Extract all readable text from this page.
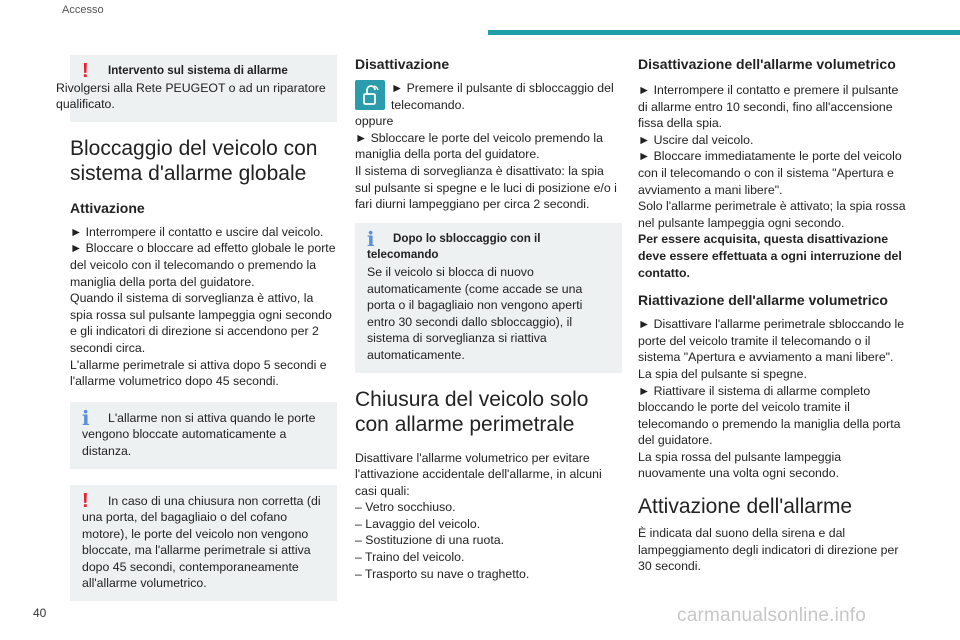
Accesso
!	Intervento sul sistema di allarme

Rivolgersi alla Rete PEUGEOT o ad un riparatore qualificato.

Bloccaggio del veicolo con sistema d'allarme globale
Attivazione

► Interrompere il contatto e uscire dal veicolo.

► Bloccare o bloccare ad effetto globale le porte del veicolo con il telecomando o premendo la maniglia della porta del guidatore.

Quando il sistema di sorveglianza è attivo, la spia rossa sul pulsante lampeggia ogni secondo e gli indicatori di direzione si accendono per 2 secondi circa.

L'allarme perimetrale si attiva dopo 5 secondi e l'allarme volumetrico dopo 45 secondi.

ℹ	L'allarme non si attiva quando le porte vengono bloccate automaticamente a distanza.

!	In caso di una chiusura non corretta (di una porta, del bagagliaio o del cofano motore), le porte del veicolo non vengono bloccate, ma l'allarme perimetrale si attiva dopo 45 secondi, contemporaneamente all'allarme volumetrico.

Disattivazione

► Premere il pulsante di sbloccaggio del telecomando.

oppure

► Sbloccare le porte del veicolo premendo la maniglia della porta del guidatore.

Il sistema di sorveglianza è disattivato: la spia sul pulsante si spegne e le luci di posizione e/o i fari diurni lampeggiano per circa 2 secondi.

ℹ	Dopo lo sbloccaggio con il telecomando

Se il veicolo si blocca di nuovo automaticamente (come accade se una porta o il bagagliaio non vengono aperti entro 30 secondi dallo sbloccaggio), il sistema di sorveglianza si riattiva automaticamente.

Chiusura del veicolo solo con allarme perimetrale

Disattivare l'allarme volumetrico per evitare l'attivazione accidentale dell'allarme, in alcuni casi quali:

– Vetro socchiuso.

– Lavaggio del veicolo.

– Sostituzione di una ruota.

– Traino del veicolo.

– Trasporto su nave o traghetto.

Disattivazione dell'allarme volumetrico

► Interrompere il contatto e premere il pulsante di allarme entro 10 secondi, fino all'accensione fissa della spia.

► Uscire dal veicolo.

► Bloccare immediatamente le porte del veicolo con il telecomando o con il sistema "Apertura e avviamento a mani libere".

Solo l'allarme perimetrale è attivato; la spia rossa nel pulsante lampeggia ogni secondo.

Per essere acquisita, questa disattivazione deve essere effettuata a ogni interruzione del contatto.

Riattivazione dell'allarme volumetrico

► Disattivare l'allarme perimetrale sbloccando le porte del veicolo tramite il telecomando o il sistema "Apertura e avviamento a mani libere".

La spia del pulsante si spegne.

► Riattivare il sistema di allarme completo bloccando le porte del veicolo tramite il telecomando o premendo la maniglia della porta del guidatore.

La spia rossa del pulsante lampeggia nuovamente una volta ogni secondo.

Attivazione dell'allarme

È indicata dal suono della sirena e dal lampeggiamento degli indicatori di direzione per 30 secondi.

40	carmanualsonline.info
